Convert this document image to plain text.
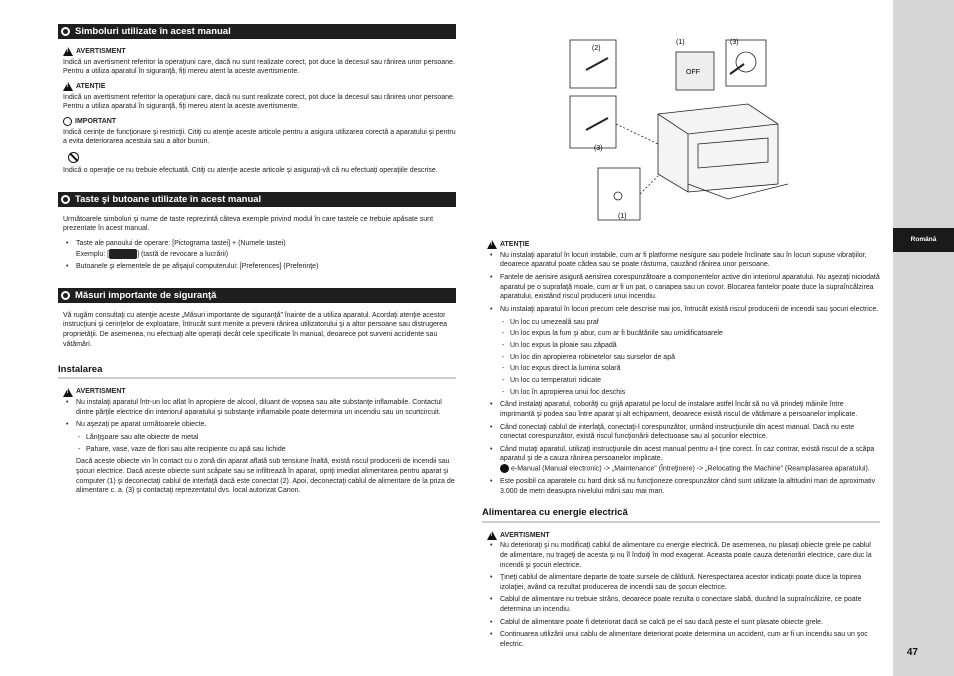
Română
47
Simboluri utilizate în acest manual
!
AVERTISMENT
Indică un avertisment referitor la operaţiuni care, dacă nu sunt realizate corect, pot duce la decesul sau rănirea unor persoane. Pentru a utiliza aparatul în siguranţă, fiţi mereu atent la aceste avertismente.
!
ATENŢIE
Indică un avertisment referitor la operaţiuni care, dacă nu sunt realizate corect, pot duce la decesul sau rănirea unor persoane. Pentru a utiliza aparatul în siguranţă, fiţi mereu atent la aceste avertismente.
IMPORTANT
Indică cerinţe de funcţionare şi restricţii. Citiţi cu atenţie aceste articole pentru a asigura utilizarea corectă a aparatului şi pentru a evita deteriorarea acestuia sau a altor bunuri.
Indică o operaţie ce nu trebuie efectuată. Citiţi cu atenţie aceste articole şi asiguraţi-vă că nu efectuaţi operaţiile descrise.
Taste şi butoane utilizate în acest manual
Următoarele simboluri şi nume de taste reprezintă câteva exemple privind modul în care tastele ce trebuie apăsate sunt prezentate în acest manual.
• Taste ale panoului de operare: [Pictograma tastei] + (Numele tastei)
Exemplu: [	] (tastă de revocare a lucrării)
• Butoanele şi elementele de pe afişajul computerului: [Preferences] (Preferinţe)
Măsuri importante de siguranţă
Vă rugăm consultaţi cu atenţie aceste „Măsuri importante de siguranţă” înainte de a utiliza aparatul. Acordaţi atenţie acestor instrucţiuni şi cerinţelor de exploatare, întrucât sunt menite a preveni rănirea utilizatorului şi a altor persoane sau distrugerea proprietăţii. De asemenea, nu efectuaţi alte operaţii decât cele specificate în manual, deoarece pot surveni accidente sau vătămări.
Instalarea
!
AVERTISMENT
• Nu instalaţi aparatul într-un loc aflat în apropiere de alcool, diluant de vopsea sau alte substanţe inflamabile. Contactul dintre părţile electrice din interiorul aparatului şi substanţe inflamabile poate determina un incendiu sau un scurtcircuit.
• Nu aşezaţi pe aparat următoarele obiecte.
- Lănţişoare sau alte obiecte de metal
- Pahare, vase, vaze de flori sau alte recipiente cu apă sau lichide
Dacă aceste obiecte vin în contact cu o zonă din aparat aflată sub tensiune înaltă, există riscul producerii de incendii sau şocuri electrice. Dacă aceste obiecte sunt scăpate sau se infiltrează în aparat, opriţi imediat alimentarea pentru aparat şi computer (1) şi deconectaţi cablul de interfaţă dacă este conectat (2). Apoi, deconectaţi cablul de alimentare de la priza de alimentare c. a. (3) şi contactaţi reprezentatul dvs. local autorizat Canon.
OFF
(2)
(1)	(3)
(3)
(1)
!
ATENŢIE
• Nu instalaţi aparatul în locuri instabile, cum ar fi platforme nesigure sau podele înclinate sau în locuri supuse vibraţiilor, deoarece aparatul poate cădea sau se poate răsturna, cauzând rănirea unor persoane.
• Fantele de aerisire asigură aerisirea corespunzătoare a componentelor active din interiorul aparatului. Nu aşezaţi niciodată aparatul pe o suprafaţă moale, cum ar fi un pat, o canapea sau un covor. Blocarea fantelor poate duce la supraîncălzirea aparatului, existând riscul producerii unui incendiu.
• Nu instalaţi aparatul în locuri precum cele descrise mai jos, întrucât există riscul producerii de incendii sau şocuri electrice.
- Un loc cu umezeală sau praf
- Un loc expus la fum şi abur, cum ar fi bucătăriile sau umidificatoarele
- Un loc expus la ploaie sau zăpadă
- Un loc din apropierea robinetelor sau surselor de apă
- Un loc expus direct la lumina solară
- Un loc cu temperaturi ridicate
- Un loc în apropierea unui foc deschis
• Când instalaţi aparatul, coborâţi cu grijă aparatul pe locul de instalare astfel încât să nu vă prindeţi mâinile între imprimantă şi podea sau între aparat şi alt echipament, deoarece există riscul de vătămare a persoanelor implicate.
• Când conectaţi cablul de interfaţă, conectaţi-l corespunzător, urmând instrucţiunile din acest manual. Dacă nu este conectat corespunzător, există riscul funcţionării defectuoase sau al şocurilor electrice.
• Când mutaţi aparatul, utilizaţi instrucţiunile din acest manual pentru a-l ţine corect. În caz contrar, există riscul de a scăpa aparatul şi de a cauza rănirea persoanelor implicate.
e-Manual (Manual electronic) -> „Maintenance” (Întreţinere) -> „Relocating the Machine” (Reamplasarea aparatului).
• Este posibil ca aparatele cu hard disk să nu funcţioneze corespunzător când sunt utilizate la altitudini mari de aproximativ 3.000 de metri deasupra nivelului mării sau mai mari.
Alimentarea cu energie electrică
!
AVERTISMENT
• Nu deterioraţi şi nu modificaţi cablul de alimentare cu energie electrică. De asemenea, nu plasaţi obiecte grele pe cablul de alimentare, nu trageţi de acesta şi nu îl îndoiţi în mod exagerat. Aceasta poate cauza deteriorări electrice, care duc la incendii şi şocuri electrice.
• Ţineţi cablul de alimentare departe de toate sursele de căldură. Nerespectarea acestor indicaţii poate duce la topirea izolaţiei, având ca rezultat producerea de incendii sau de şocuri electrice.
• Cablul de alimentare nu trebuie strâns, deoarece poate rezulta o conectare slabă, ducând la supraîncălzire, ce poate determina un incendiu.
• Cablul de alimentare poate fi deteriorat dacă se calcă pe el sau dacă peste el sunt plasate obiecte grele.
• Continuarea utilizării unui cablu de alimentare deteriorat poate determina un accident, cum ar fi un incendiu sau un şoc electric.
